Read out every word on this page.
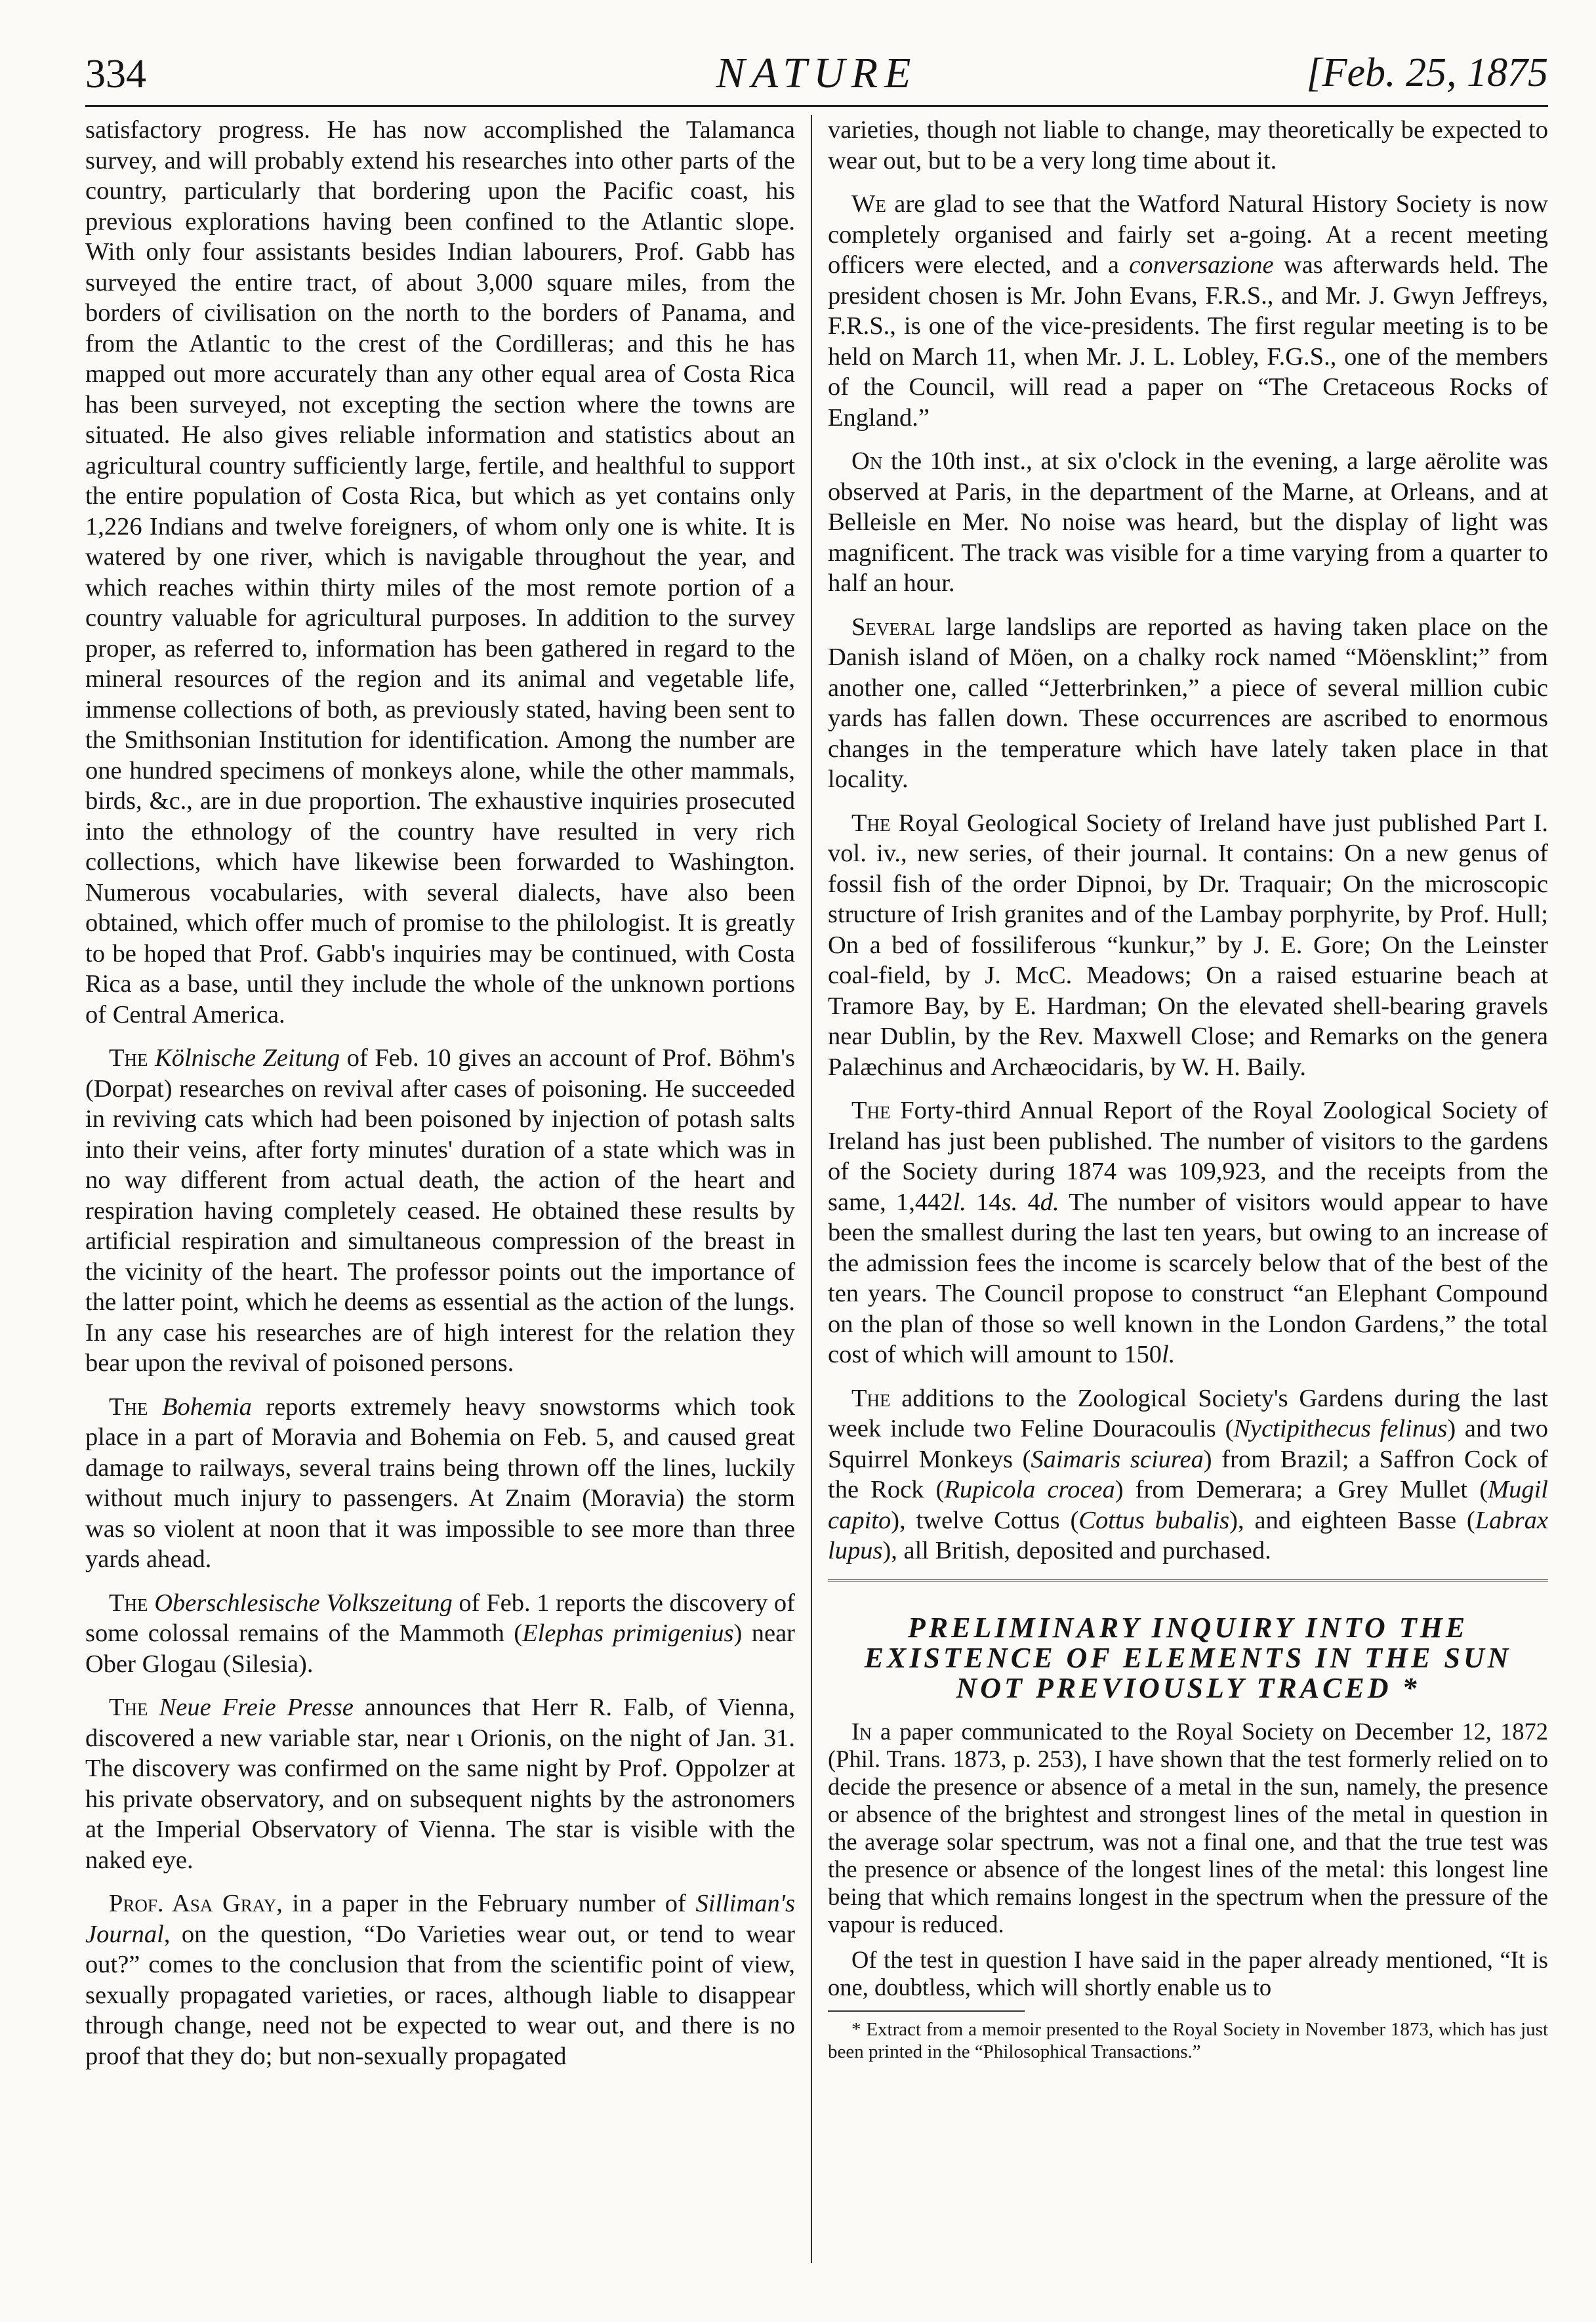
334	NATURE	[Feb. 25, 1875

satisfactory progress. He has now accomplished the Talamanca survey, and will probably extend his researches into other parts of the country, particularly that bordering upon the Pacific coast, his previous explorations having been confined to the Atlantic slope. With only four assistants besides Indian labourers, Prof. Gabb has surveyed the entire tract, of about 3,000 square miles, from the borders of civilisation on the north to the borders of Panama, and from the Atlantic to the crest of the Cordilleras; and this he has mapped out more accurately than any other equal area of Costa Rica has been surveyed, not excepting the section where the towns are situated. He also gives reliable information and statistics about an agricultural country sufficiently large, fertile, and healthful to support the entire population of Costa Rica, but which as yet contains only 1,226 Indians and twelve foreigners, of whom only one is white. It is watered by one river, which is navigable throughout the year, and which reaches within thirty miles of the most remote portion of a country valuable for agricultural purposes. In addition to the survey proper, as referred to, information has been gathered in regard to the mineral resources of the region and its animal and vegetable life, immense collections of both, as previously stated, having been sent to the Smithsonian Institution for identification. Among the number are one hundred specimens of monkeys alone, while the other mammals, birds, &c., are in due proportion. The exhaustive inquiries prosecuted into the ethnology of the country have resulted in very rich collections, which have likewise been forwarded to Washington. Numerous vocabularies, with several dialects, have also been obtained, which offer much of promise to the philologist. It is greatly to be hoped that Prof. Gabb's inquiries may be continued, with Costa Rica as a base, until they include the whole of the unknown portions of Central America.

The Kölnische Zeitung of Feb. 10 gives an account of Prof. Böhm's (Dorpat) researches on revival after cases of poisoning. He succeeded in reviving cats which had been poisoned by injection of potash salts into their veins, after forty minutes' duration of a state which was in no way different from actual death, the action of the heart and respiration having completely ceased. He obtained these results by artificial respiration and simultaneous compression of the breast in the vicinity of the heart. The professor points out the importance of the latter point, which he deems as essential as the action of the lungs. In any case his researches are of high interest for the relation they bear upon the revival of poisoned persons.

The Bohemia reports extremely heavy snowstorms which took place in a part of Moravia and Bohemia on Feb. 5, and caused great damage to railways, several trains being thrown off the lines, luckily without much injury to passengers. At Znaim (Moravia) the storm was so violent at noon that it was impossible to see more than three yards ahead.

The Oberschlesische Volkszeitung of Feb. 1 reports the discovery of some colossal remains of the Mammoth (Elephas primigenius) near Ober Glogau (Silesia).

The Neue Freie Presse announces that Herr R. Falb, of Vienna, discovered a new variable star, near ι Orionis, on the night of Jan. 31. The discovery was confirmed on the same night by Prof. Oppolzer at his private observatory, and on subsequent nights by the astronomers at the Imperial Observatory of Vienna. The star is visible with the naked eye.

Prof. Asa Gray, in a paper in the February number of Silliman's Journal, on the question, “Do Varieties wear out, or tend to wear out?” comes to the conclusion that from the scientific point of view, sexually propagated varieties, or races, although liable to disappear through change, need not be expected to wear out, and there is no proof that they do; but non-sexually propagated

varieties, though not liable to change, may theoretically be expected to wear out, but to be a very long time about it.

We are glad to see that the Watford Natural History Society is now completely organised and fairly set a-going. At a recent meeting officers were elected, and a conversazione was afterwards held. The president chosen is Mr. John Evans, F.R.S., and Mr. J. Gwyn Jeffreys, F.R.S., is one of the vice-presidents. The first regular meeting is to be held on March 11, when Mr. J. L. Lobley, F.G.S., one of the members of the Council, will read a paper on “The Cretaceous Rocks of England.”

On the 10th inst., at six o'clock in the evening, a large aërolite was observed at Paris, in the department of the Marne, at Orleans, and at Belleisle en Mer. No noise was heard, but the display of light was magnificent. The track was visible for a time varying from a quarter to half an hour.

Several large landslips are reported as having taken place on the Danish island of Möen, on a chalky rock named “Möensklint;” from another one, called “Jetterbrinken,” a piece of several million cubic yards has fallen down. These occurrences are ascribed to enormous changes in the temperature which have lately taken place in that locality.

The Royal Geological Society of Ireland have just published Part I. vol. iv., new series, of their journal. It contains: On a new genus of fossil fish of the order Dipnoi, by Dr. Traquair; On the microscopic structure of Irish granites and of the Lambay porphyrite, by Prof. Hull; On a bed of fossiliferous “kunkur,” by J. E. Gore; On the Leinster coal-field, by J. McC. Meadows; On a raised estuarine beach at Tramore Bay, by E. Hardman; On the elevated shell-bearing gravels near Dublin, by the Rev. Maxwell Close; and Remarks on the genera Palæchinus and Archæocidaris, by W. H. Baily.

The Forty-third Annual Report of the Royal Zoological Society of Ireland has just been published. The number of visitors to the gardens of the Society during 1874 was 109,923, and the receipts from the same, 1,442l. 14s. 4d. The number of visitors would appear to have been the smallest during the last ten years, but owing to an increase of the admission fees the income is scarcely below that of the best of the ten years. The Council propose to construct “an Elephant Compound on the plan of those so well known in the London Gardens,” the total cost of which will amount to 150l.

The additions to the Zoological Society's Gardens during the last week include two Feline Douracoulis (Nyctipithecus felinus) and two Squirrel Monkeys (Saimaris sciurea) from Brazil; a Saffron Cock of the Rock (Rupicola crocea) from Demerara; a Grey Mullet (Mugil capito), twelve Cottus (Cottus bubalis), and eighteen Basse (Labrax lupus), all British, deposited and purchased.

PRELIMINARY INQUIRY INTO THE EXISTENCE OF ELEMENTS IN THE SUN NOT PREVIOUSLY TRACED *

In a paper communicated to the Royal Society on December 12, 1872 (Phil. Trans. 1873, p. 253), I have shown that the test formerly relied on to decide the presence or absence of a metal in the sun, namely, the presence or absence of the brightest and strongest lines of the metal in question in the average solar spectrum, was not a final one, and that the true test was the presence or absence of the longest lines of the metal: this longest line being that which remains longest in the spectrum when the pressure of the vapour is reduced.

Of the test in question I have said in the paper already mentioned, “It is one, doubtless, which will shortly enable us to

* Extract from a memoir presented to the Royal Society in November 1873, which has just been printed in the “Philosophical Transactions.”
